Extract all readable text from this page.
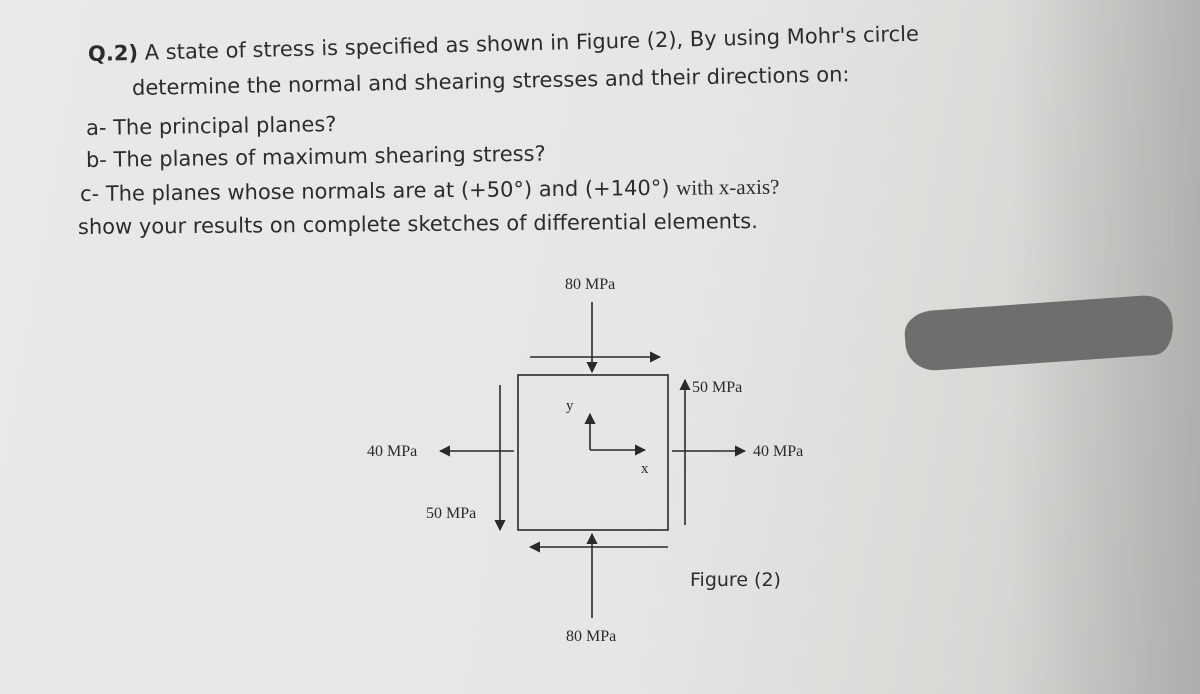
Q.2) A state of stress is specified as shown in Figure (2), By using Mohr's circle
determine the normal and shearing stresses and their directions on:
a- The principal planes?
b- The planes of maximum shearing stress?
c- The planes whose normals are at (+50°) and (+140°) with x-axis?
show your results on complete sketches of differential elements.
80 MPa
80 MPa
50 MPa
50 MPa
40 MPa
40 MPa
y
x
Figure (2)
